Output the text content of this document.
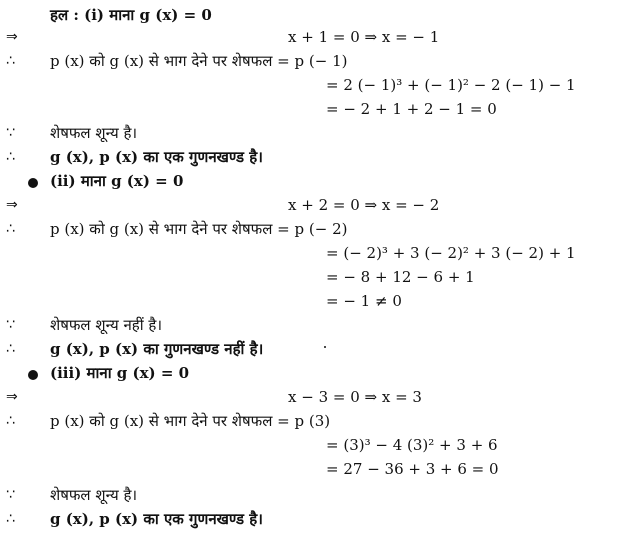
हल : (i) माना g (x) = 0
⇒	x + 1 = 0 ⇒ x = − 1
∴ p (x) को g (x) से भाग देने पर शेषफल = p (− 1)
= 2 (− 1)³ + (− 1)² − 2 (− 1) − 1
= − 2 + 1 + 2 − 1 = 0
∵ शेषफल शून्य है।
∴ g (x), p (x) का एक गुणनखण्ड है।
(ii) माना g (x) = 0
⇒	x + 2 = 0 ⇒ x = − 2
∴ p (x) को g (x) से भाग देने पर शेषफल = p (− 2)
= (− 2)³ + 3 (− 2)² + 3 (− 2) + 1
= − 8 + 12 − 6 + 1
= − 1 ≠ 0
∵ शेषफल शून्य नहीं है।
∴ g (x), p (x) का गुणनखण्ड नहीं है।
(iii) माना g (x) = 0
⇒	x − 3 = 0 ⇒ x = 3
∴ p (x) को g (x) से भाग देने पर शेषफल = p (3)
= (3)³ − 4 (3)² + 3 + 6
= 27 − 36 + 3 + 6 = 0
∵ शेषफल शून्य है।
∴ g (x), p (x) का एक गुणनखण्ड है।
